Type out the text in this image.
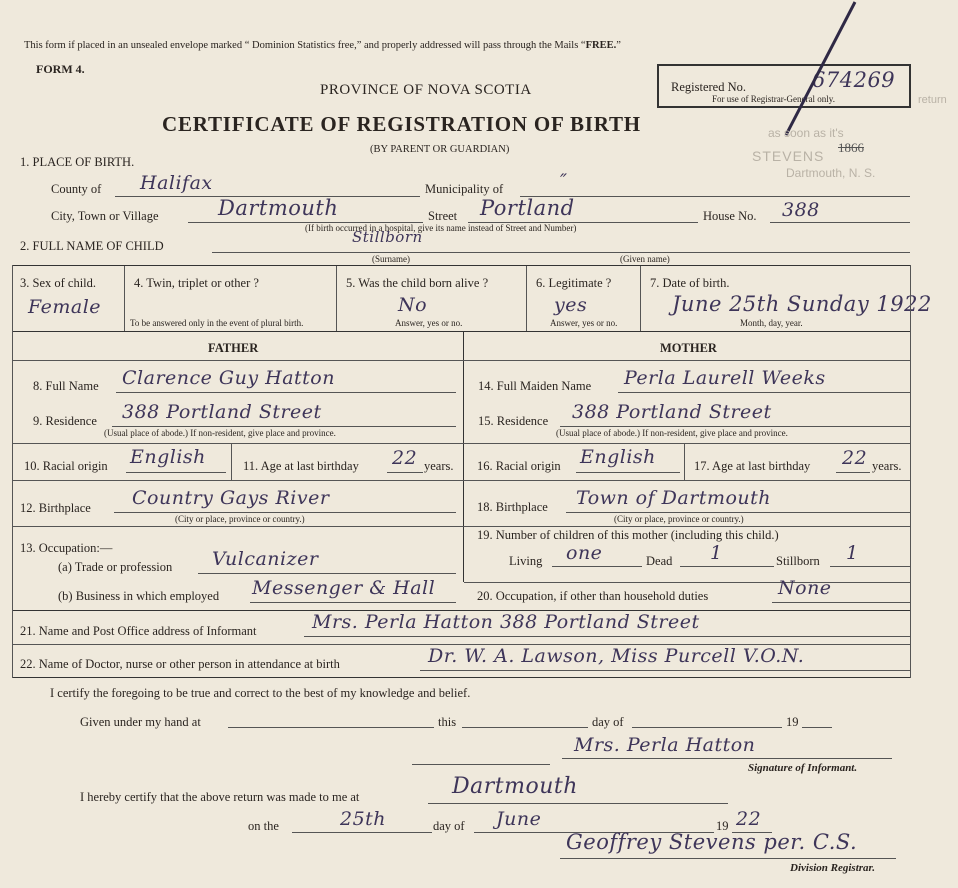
This form if placed in an unsealed envelope marked “ Dominion Statistics free,” and properly addressed will pass through the Mails “FREE.”
FORM 4.
PROVINCE OF NOVA SCOTIA
CERTIFICATE OF REGISTRATION OF BIRTH
(BY PARENT OR GUARDIAN)
Registered No.	674269
For use of Registrar-General only.	return
as soon as it's
STEVENS
Dartmouth, N. S.
1866
1. PLACE OF BIRTH.
County of Halifax	Municipality of	″
City, Town or Village	Dartmouth	Street Portland	House No. 388
(If birth occurred in a hospital, give its name instead of Street and Number)
2. FULL NAME OF CHILD	Stillborn
(Surname)	(Given name)
3. Sex of child.
Female
4. Twin, triplet or other ?
To be answered only in the event of plural birth.
5. Was the child born alive ?
No
Answer, yes or no.
6. Legitimate ?
yes
Answer, yes or no.
7. Date of birth.
June 25th Sunday 1922
Month, day, year.
FATHER	MOTHER
8. Full Name Clarence Guy Hatton
9. Residence 388 Portland Street
(Usual place of abode.) If non-resident, give place and province.
10. Racial origin English	11. Age at last birthday 22 years.
12. Birthplace Country Gays River
(City or place, province or country.)
13. Occupation:—
(a) Trade or profession Vulcanizer
(b) Business in which employed Messenger & Hall
14. Full Maiden Name Perla Laurell Weeks
15. Residence 388 Portland Street
(Usual place of abode.) If non-resident, give place and province.
16. Racial origin English	17. Age at last birthday 22 years.
18. Birthplace Town of Dartmouth
(City or place, province or country.)
19. Number of children of this mother (including this child.)
Living one	Dead 1	Stillborn 1
20. Occupation, if other than household duties	None
21. Name and Post Office address of Informant	Mrs. Perla Hatton 388 Portland Street
22. Name of Doctor, nurse or other person in attendance at birth	Dr. W. A. Lawson, Miss Purcell V.O.N.
I certify the foregoing to be true and correct to the best of my knowledge and belief.
Given under my hand at	this	day of	19
Mrs. Perla Hatton
Signature of Informant.
I hereby certify that the above return was made to me at	Dartmouth
on the	25th	day of June	19 22
Geoffrey Stevens per. C.S.
Division Registrar.
